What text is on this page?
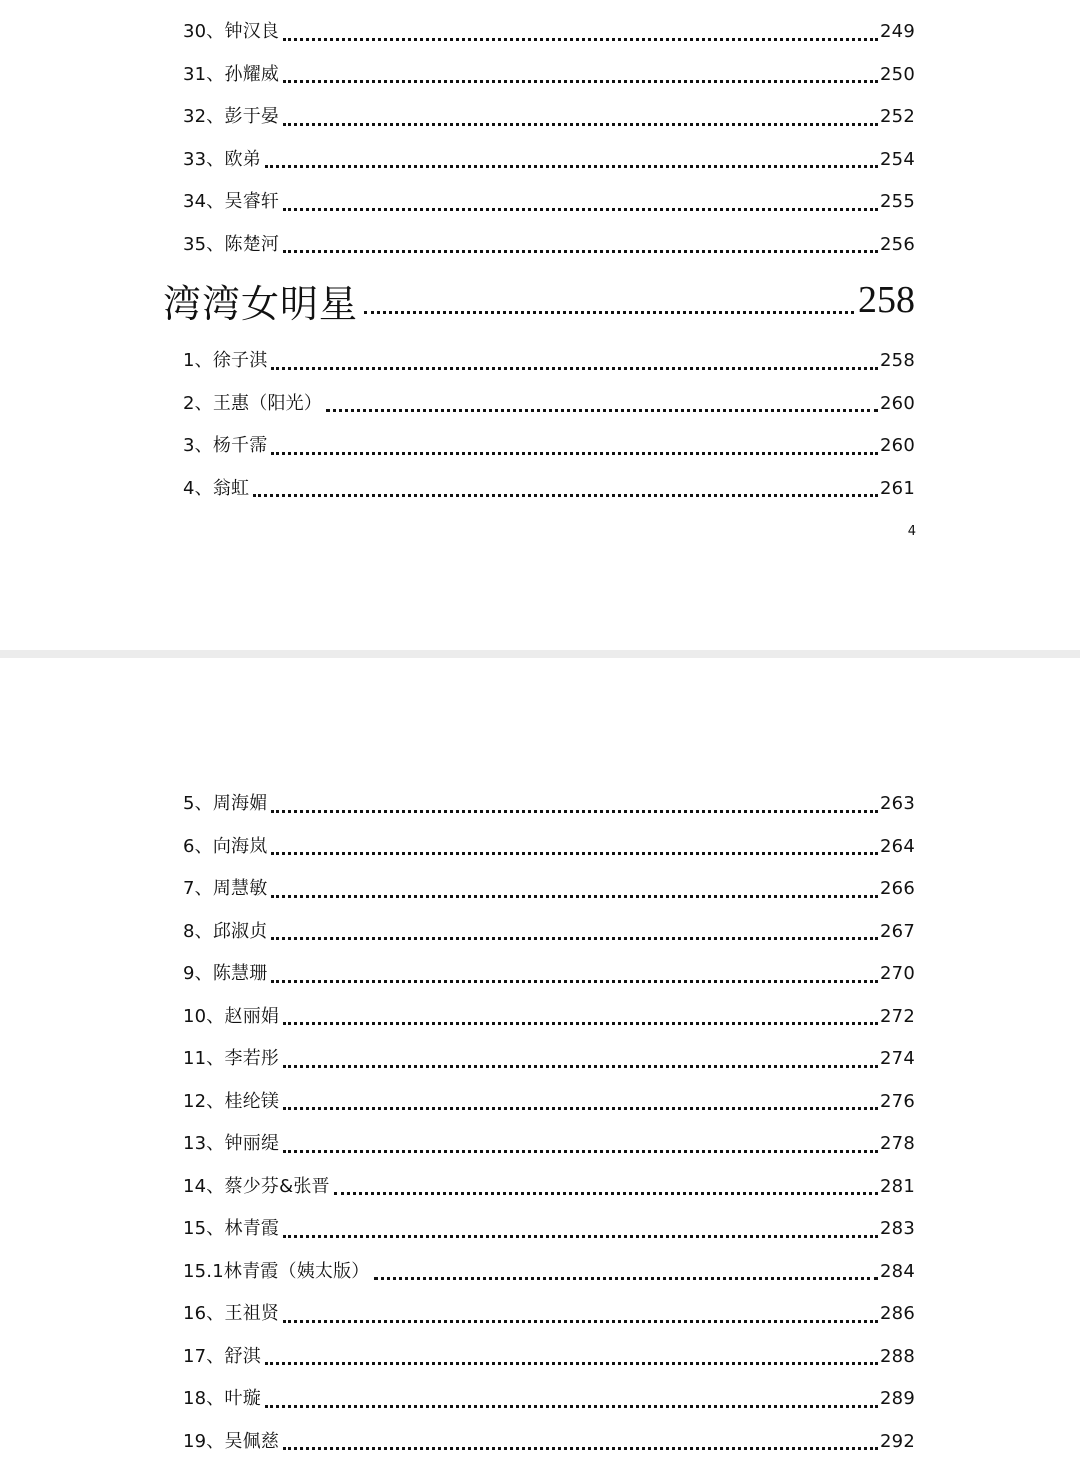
30、 钟汉良	249
31、 孙耀威	250
32、 彭于晏	252
33、 欧弟	254
34、 吴睿轩	255
35、 陈楚河	256
湾湾女明星	258
1、 徐子淇	258
2、 王惠（阳光）	260
3、 杨千霈	260
4、 翁虹	261
4
5、 周海媚	263
6、 向海岚	264
7、 周慧敏	266
8、 邱淑贞	267
9、 陈慧珊	270
10、 赵丽娟	272
11、 李若彤	274
12、 桂纶镁	276
13、 钟丽缇	278
14、 蔡少芬&张晋	281
15、 林青霞	283
15.1 林青霞（姨太版）	284
16、 王祖贤	286
17、 舒淇	288
18、 叶璇	289
19、 吴佩慈	292
